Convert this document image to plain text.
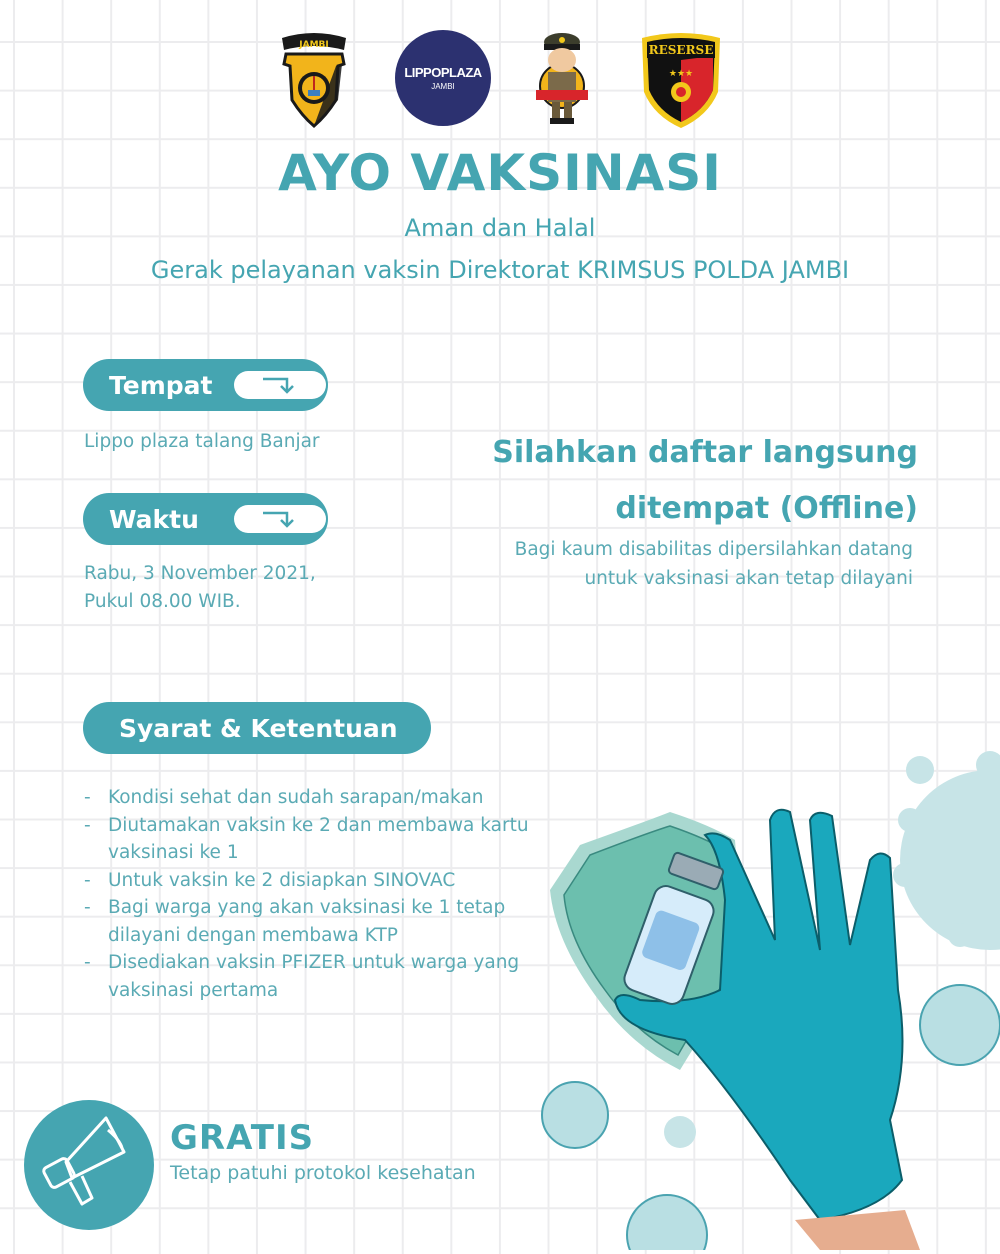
JAMBI
LIPPOPLAZA
JAMBI
RESERSE
★★★
AYO VAKSINASI
Aman dan Halal
Gerak pelayanan vaksin Direktorat KRIMSUS POLDA JAMBI
Tempat
Lippo plaza talang Banjar
Waktu
Rabu, 3 November 2021,
Pukul 08.00 WIB.
Silahkan daftar langsung
ditempat (Offline)
Bagi kaum disabilitas dipersilahkan datang
untuk vaksinasi akan tetap dilayani
Syarat & Ketentuan
- Kondisi sehat dan sudah sarapan/makan
- Diutamakan vaksin ke 2 dan membawa kartu
vaksinasi ke 1
- Untuk vaksin ke 2 disiapkan SINOVAC
- Bagi warga yang akan vaksinasi ke 1 tetap
dilayani dengan membawa KTP
- Disediakan vaksin PFIZER untuk warga yang
vaksinasi pertama
GRATIS
Tetap patuhi protokol kesehatan
